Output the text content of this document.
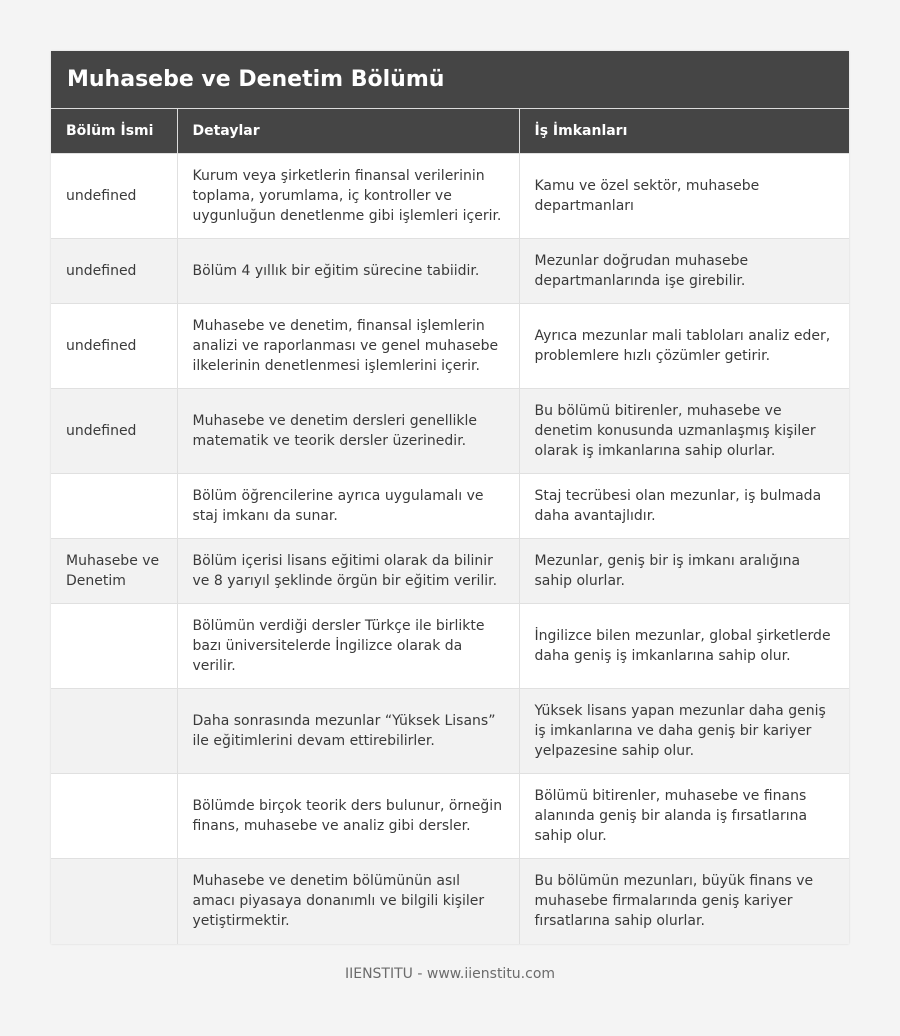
Muhasebe ve Denetim Bölümü
Bölüm İsmi	Detaylar	İş İmkanları
undefined	Kurum veya şirketlerin finansal verilerinin toplama, yorumlama, iç kontroller ve uygunluğun denetlenme gibi işlemleri içerir.	Kamu ve özel sektör, muhasebe departmanları
undefined	Bölüm 4 yıllık bir eğitim sürecine tabiidir.	Mezunlar doğrudan muhasebe departmanlarında işe girebilir.
undefined	Muhasebe ve denetim, finansal işlemlerin analizi ve raporlanması ve genel muhasebe ilkelerinin denetlenmesi işlemlerini içerir.	Ayrıca mezunlar mali tabloları analiz eder, problemlere hızlı çözümler getirir.
undefined	Muhasebe ve denetim dersleri genellikle matematik ve teorik dersler üzerinedir.	Bu bölümü bitirenler, muhasebe ve denetim konusunda uzmanlaşmış kişiler olarak iş imkanlarına sahip olurlar.
	Bölüm öğrencilerine ayrıca uygulamalı ve staj imkanı da sunar.	Staj tecrübesi olan mezunlar, iş bulmada daha avantajlıdır.
Muhasebe ve Denetim	Bölüm içerisi lisans eğitimi olarak da bilinir ve 8 yarıyıl şeklinde örgün bir eğitim verilir.	Mezunlar, geniş bir iş imkanı aralığına sahip olurlar.
	Bölümün verdiği dersler Türkçe ile birlikte bazı üniversitelerde İngilizce olarak da verilir.	İngilizce bilen mezunlar, global şirketlerde daha geniş iş imkanlarına sahip olur.
	Daha sonrasında mezunlar “Yüksek Lisans” ile eğitimlerini devam ettirebilirler.	Yüksek lisans yapan mezunlar daha geniş iş imkanlarına ve daha geniş bir kariyer yelpazesine sahip olur.
	Bölümde birçok teorik ders bulunur, örneğin finans, muhasebe ve analiz gibi dersler.	Bölümü bitirenler, muhasebe ve finans alanında geniş bir alanda iş fırsatlarına sahip olur.
	Muhasebe ve denetim bölümünün asıl amacı piyasaya donanımlı ve bilgili kişiler yetiştirmektir.	Bu bölümün mezunları, büyük finans ve muhasebe firmalarında geniş kariyer fırsatlarına sahip olurlar.
IIENSTITU - www.iienstitu.com
